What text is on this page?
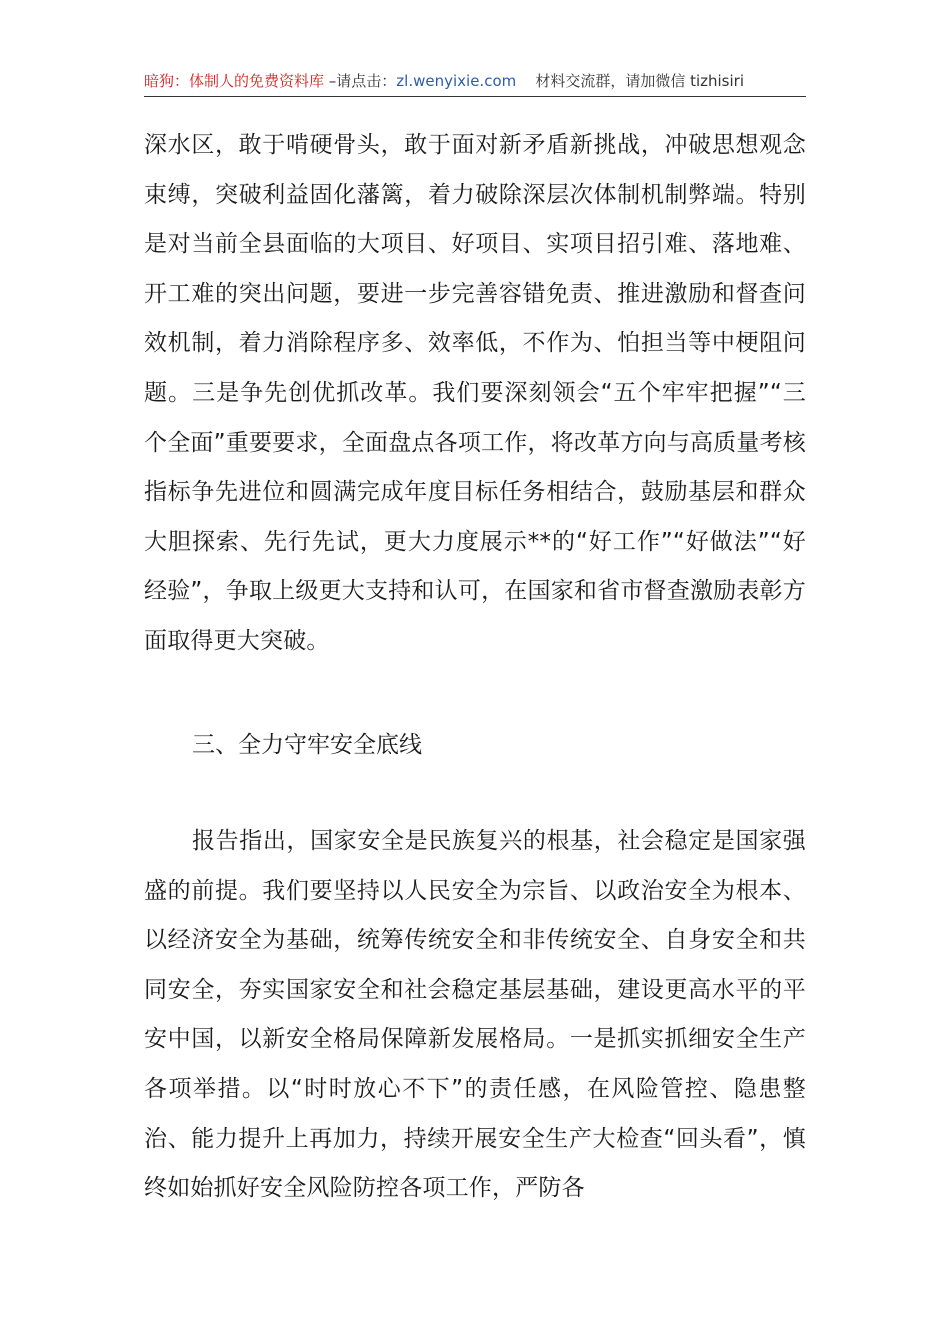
暗狗：体制人的免费资料库 –请点击：zl.wenyixie.com 材料交流群，请加微信 tizhisiri
深水区，敢于啃硬骨头，敢于面对新矛盾新挑战，冲破思想观念束缚，突破利益固化藩篱，着力破除深层次体制机制弊端。特别是对当前全县面临的大项目、好项目、实项目招引难、落地难、开工难的突出问题，要进一步完善容错免责、推进激励和督查问效机制，着力消除程序多、效率低，不作为、怕担当等中梗阻问题。三是争先创优抓改革。我们要深刻领会“五个牢牢把握”“三个全面”重要要求，全面盘点各项工作，将改革方向与高质量考核指标争先进位和圆满完成年度目标任务相结合，鼓励基层和群众大胆探索、先行先试，更大力度展示**的“好工作”“好做法”“好经验”，争取上级更大支持和认可，在国家和省市督查激励表彰方面取得更大突破。
三、全力守牢安全底线
报告指出，国家安全是民族复兴的根基，社会稳定是国家强盛的前提。我们要坚持以人民安全为宗旨、以政治安全为根本、以经济安全为基础，统筹传统安全和非传统安全、自身安全和共同安全，夯实国家安全和社会稳定基层基础，建设更高水平的平安中国，以新安全格局保障新发展格局。一是抓实抓细安全生产各项举措。以“时时放心不下”的责任感，在风险管控、隐患整治、能力提升上再加力，持续开展安全生产大检查“回头看”，慎终如始抓好安全风险防控各项工作，严防各
